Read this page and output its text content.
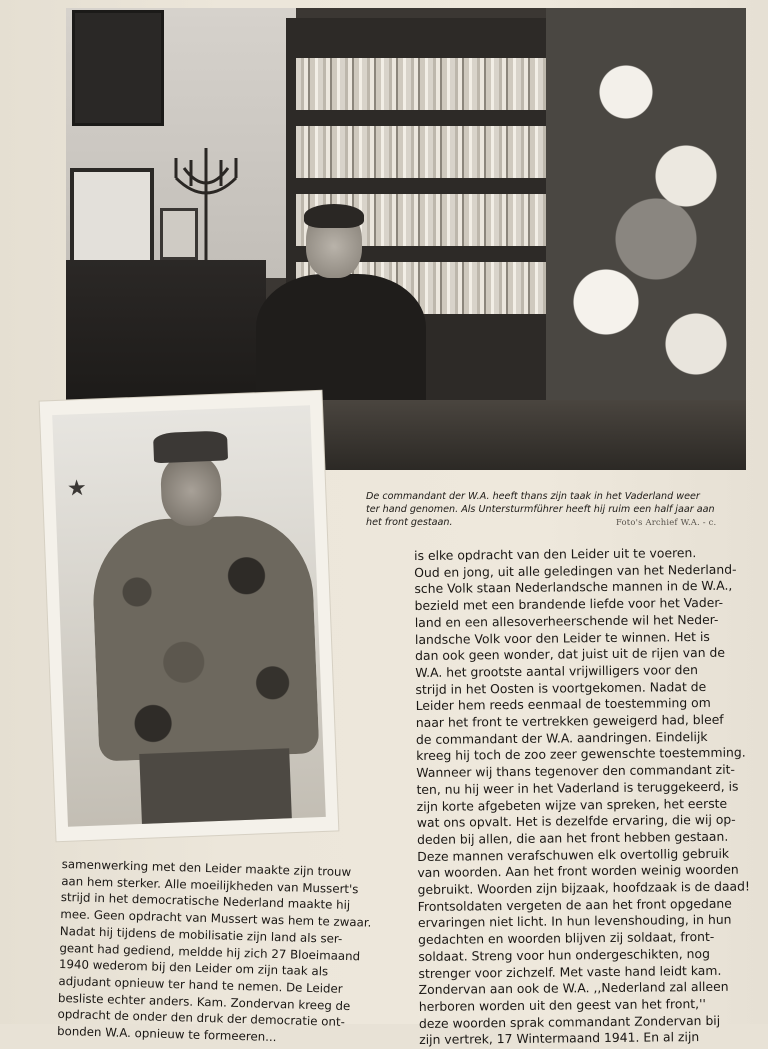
★	De commandant der W.A. heeft thans zijn taak in het Vaderland weer
ter hand genomen. Als Untersturmführer heeft hij ruim een half jaar aan
het front gestaan.	Foto's Archief W.A. - c.
is elke opdracht van den Leider uit te voeren.
Oud en jong, uit alle geledingen van het Nederland-
sche Volk staan Nederlandsche mannen in de W.A.,
bezield met een brandende liefde voor het Vader-
land en een allesoverheerschende wil het Neder-
landsche Volk voor den Leider te winnen. Het is
dan ook geen wonder, dat juist uit de rijen van de
W.A. het grootste aantal vrijwilligers voor den
strijd in het Oosten is voortgekomen. Nadat de
Leider hem reeds eenmaal de toestemming om
naar het front te vertrekken geweigerd had, bleef
de commandant der W.A. aandringen. Eindelijk
kreeg hij toch de zoo zeer gewenschte toestemming.
Wanneer wij thans tegenover den commandant zit-
ten, nu hij weer in het Vaderland is teruggekeerd, is
zijn korte afgebeten wijze van spreken, het eerste
wat ons opvalt. Het is dezelfde ervaring, die wij op-
deden bij allen, die aan het front hebben gestaan.
Deze mannen verafschuwen elk overtollig gebruik
van woorden. Aan het front worden weinig woorden
gebruikt. Woorden zijn bijzaak, hoofdzaak is de daad!
Frontsoldaten vergeten de aan het front opgedane
ervaringen niet licht. In hun levenshouding, in hun
gedachten en woorden blijven zij soldaat, front-
soldaat. Streng voor hun ondergeschikten, nog
strenger voor zichzelf. Met vaste hand leidt kam.
Zondervan aan ook de W.A. ,,Nederland zal alleen
herboren worden uit den geest van het front,''
deze woorden sprak commandant Zondervan bij
zijn vertrek, 17 Wintermaand 1941. En al zijn
samenwerking met den Leider maakte zijn trouw
aan hem sterker. Alle moeilijkheden van Mussert's
strijd in het democratische Nederland maakte hij
mee. Geen opdracht van Mussert was hem te zwaar.
Nadat hij tijdens de mobilisatie zijn land als ser-
geant had gediend, meldde hij zich 27 Bloeimaand
1940 wederom bij den Leider om zijn taak als
adjudant opnieuw ter hand te nemen. De Leider
besliste echter anders. Kam. Zondervan kreeg de
opdracht de onder den druk der democratie ont-
bonden W.A. opnieuw te formeeren...
